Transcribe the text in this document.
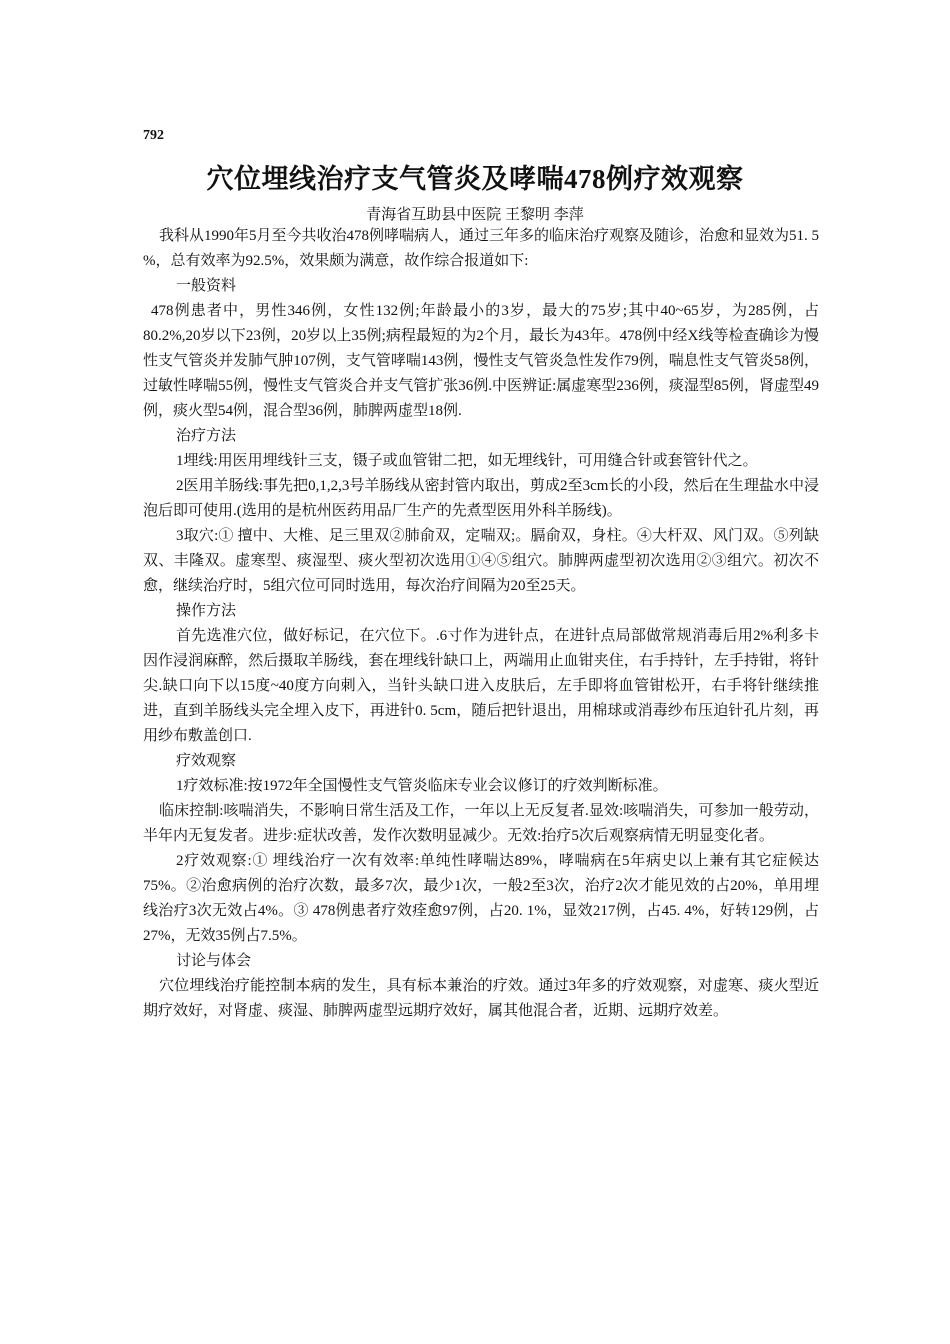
792
穴位埋线治疗支气管炎及哮喘478例疗效观察
青海省互助县中医院 王黎明 李萍

我科从1990年5月至今共收治478例哮喘病人，通过三年多的临床治疗观察及随诊，治愈和显效为51. 5 %，总有效率为92.5%，效果颇为满意，故作综合报道如下:

一般资料

478例患者中，男性346例，女性132例;年龄最小的3岁，最大的75岁;其中40~65岁，为285例，占80.2%,20岁以下23例，20岁以上35例;病程最短的为2个月，最长为43年。478例中经X线等检查确诊为慢性支气管炎并发肺气肿107例，支气管哮喘143例，慢性支气管炎急性发作79例，喘息性支气管炎58例，过敏性哮喘55例，慢性支气管炎合并支气管扩张36例.中医辨证:属虚寒型236例，痰湿型85例，肾虚型49例，痰火型54例，混合型36例，肺脾两虚型18例.

治疗方法

1埋线:用医用埋线针三支，镊子或血管钳二把，如无埋线针，可用缝合针或套管针代之。

2医用羊肠线:事先把0,1,2,3号羊肠线从密封管内取出，剪成2至3cm长的小段，然后在生理盐水中浸泡后即可使用.(选用的是杭州医药用品厂生产的先煮型医用外科羊肠线)。

3取穴:① 擅中、大椎、足三里双②肺俞双，定喘双;。膈俞双，身柱。④大杆双、风门双。⑤列缺双、丰隆双。虚寒型、痰湿型、痰火型初次选用①④⑤组穴。肺脾两虚型初次选用②③组穴。初次不愈，继续治疗时，5组穴位可同时选用，每次治疗间隔为20至25天。

操作方法

首先选准穴位，做好标记，在穴位下。.6寸作为进针点，在进针点局部做常规消毒后用2%利多卡因作浸润麻醉，然后摄取羊肠线，套在埋线针缺口上，两端用止血钳夹住，右手持针，左手持钳，将针尖.缺口向下以15度~40度方向刺入，当针头缺口进入皮肤后，左手即将血管钳松开，右手将针继续推进，直到羊肠线头完全埋入皮下，再进针0. 5cm，随后把针退出，用棉球或消毒纱布压迫针孔片刻，再用纱布敷盖创口.

疗效观察

1疗效标准:按1972年全国慢性支气管炎临床专业会议修订的疗效判断标准。

临床控制:咳喘消失，不影响日常生活及工作，一年以上无反复者.显效:咳喘消失，可参加一般劳动，半年内无复发者。进步:症状改善，发作次数明显减少。无效:抬疗5次后观察病情无明显变化者。

2疗效观察:① 埋线治疗一次有效率:单纯性哮喘达89%，哮喘病在5年病史以上兼有其它症候达75%。②治愈病例的治疗次数，最多7次，最少1次，一般2至3次，治疗2次才能见效的占20%，单用埋线治疗3次无效占4%。③ 478例患者疗效痊愈97例，占20. 1%，显效217例，占45. 4%，好转129例，占27%，无效35例占7.5%。

讨论与体会

穴位埋线治疗能控制本病的发生，具有标本兼治的疗效。通过3年多的疗效观察，对虚寒、痰火型近期疗效好，对肾虚、痰湿、肺脾两虚型远期疗效好，属其他混合者，近期、远期疗效差。
